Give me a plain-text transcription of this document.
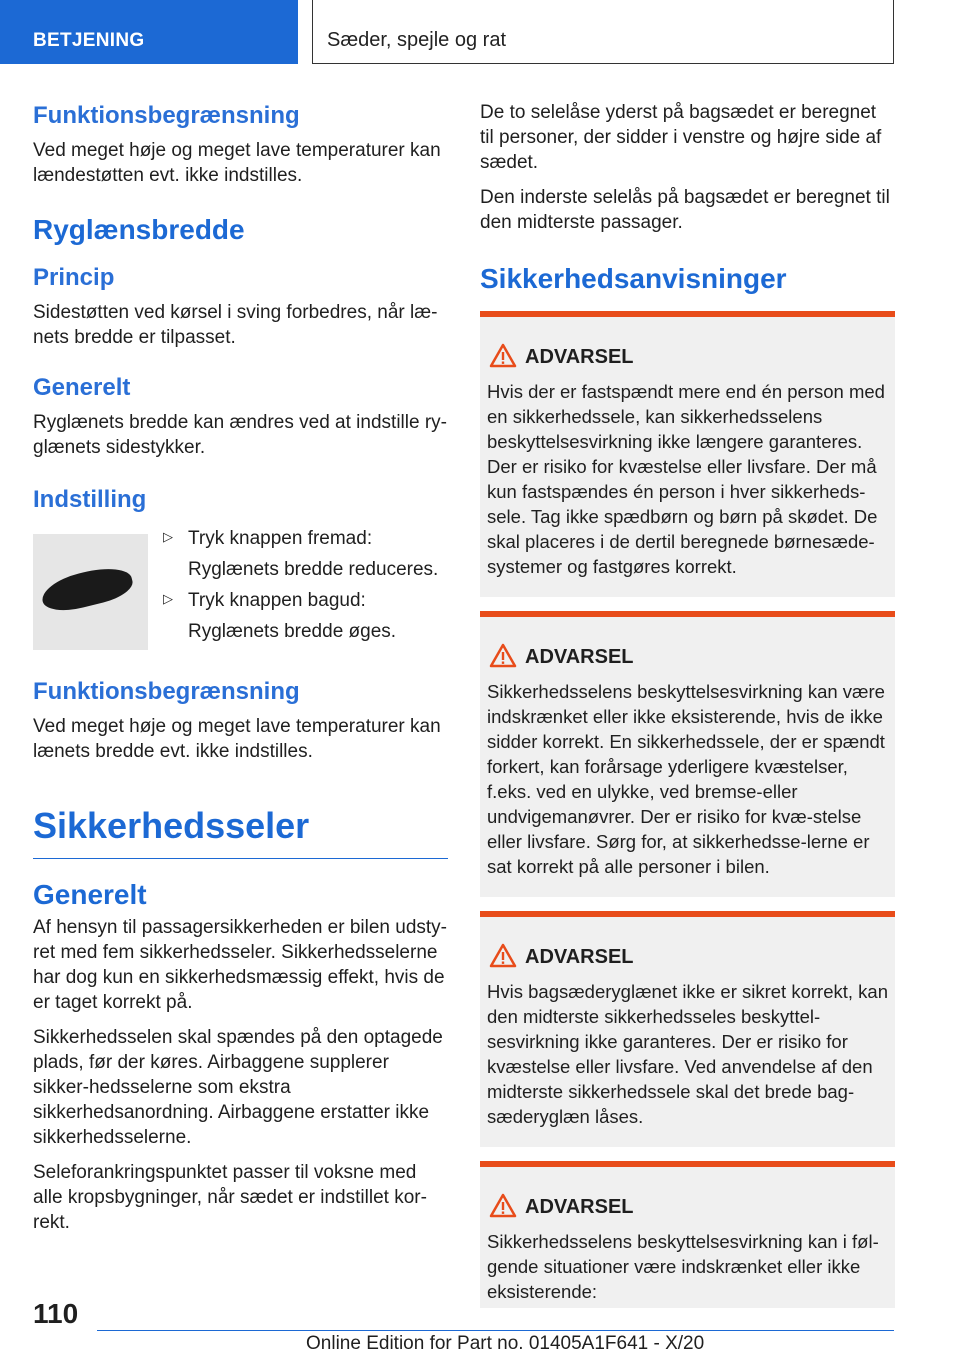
BETJENING	Sæder, spejle og rat
Funktionsbegrænsning

Ved meget høje og meget lave temperaturer kan lændestøtten evt. ikke indstilles.

Ryglænsbredde
Princip

Sidestøtten ved kørsel i sving forbedres, når læ-nets bredde er tilpasset.

Generelt

Ryglænets bredde kan ændres ved at indstille ry-glænets sidestykker.

Indstilling
▷ Tryk knappen fremad:

Ryglænets bredde reduceres.

▷ Tryk knappen bagud:

Ryglænets bredde øges.

Funktionsbegrænsning

Ved meget høje og meget lave temperaturer kan lænets bredde evt. ikke indstilles.

Sikkerhedsseler
Generelt

Af hensyn til passagersikkerheden er bilen udsty-ret med fem sikkerhedsseler. Sikkerhedsselerne har dog kun en sikkerhedsmæssig effekt, hvis de er taget korrekt på.

Sikkerhedsselen skal spændes på den optagede plads, før der køres. Airbaggene supplerer sikker-hedsselerne som ekstra sikkerhedsanordning. Airbaggene erstatter ikke sikkerhedsselerne.

Seleforankringspunktet passer til voksne med alle kropsbygninger, når sædet er indstillet kor-rekt.

De to selelåse yderst på bagsædet er beregnet til personer, der sidder i venstre og højre side af sædet.

Den inderste selelås på bagsædet er beregnet til den midterste passager.

Sikkerhedsanvisninger
ADVARSEL

Hvis der er fastspændt mere end én person med en sikkerhedssele, kan sikkerhedsselens beskyttelsesvirkning ikke længere garanteres. Der er risiko for kvæstelse eller livsfare. Der må kun fastspændes én person i hver sikkerheds-sele. Tag ikke spædbørn og børn på skødet. De skal placeres i de dertil beregnede børnesæde-systemer og fastgøres korrekt.

ADVARSEL

Sikkerhedsselens beskyttelsesvirkning kan være indskrænket eller ikke eksisterende, hvis de ikke sidder korrekt. En sikkerhedssele, der er spændt forkert, kan forårsage yderligere kvæstelser, f.eks. ved en ulykke, ved bremse-eller undvigemanøvrer. Der er risiko for kvæ-stelse eller livsfare. Sørg for, at sikkerhedsse-lerne er sat korrekt på alle personer i bilen.

ADVARSEL

Hvis bagsæderyglænet ikke er sikret korrekt, kan den midterste sikkerhedsseles beskyttel-sesvirkning ikke garanteres. Der er risiko for kvæstelse eller livsfare. Ved anvendelse af den midterste sikkerhedssele skal det brede bag-sæderyglæn låses.

ADVARSEL

Sikkerhedsselens beskyttelsesvirkning kan i føl-gende situationer være indskrænket eller ikke eksisterende:

110
Online Edition for Part no. 01405A1F641 - X/20
